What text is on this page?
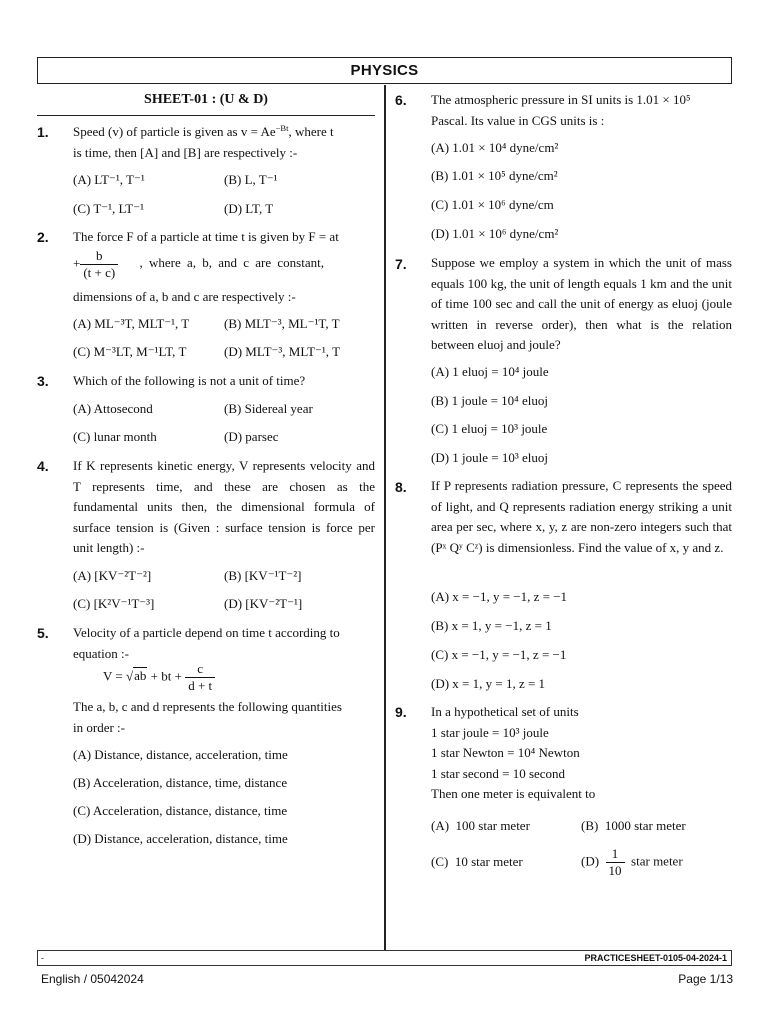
PHYSICS
SHEET-01 : (U & D)
1. Speed (v) of particle is given as $v = Ae^{-Bt}$, where t
is time, then [A] and [B] are respectively :-
(A) LT⁻¹, T⁻¹	(B) L, T⁻¹
(C) T⁻¹, LT⁻¹	(D) LT, T
2. The force F of a particle at time t is given by F = at
+ $\frac{b}{(t + c)}$ , where a, b, and c are constant,
dimensions of a, b and c are respectively :-
(A) ML⁻³T, MLT⁻¹, T	(B) MLT⁻³, ML⁻¹T, T
(C) M⁻³LT, M⁻¹LT, T	(D) MLT⁻³, MLT⁻¹, T
3. Which of the following is not a unit of time?
(A) Attosecond	(B) Sidereal year
(C) lunar month	(D) parsec
4. If K represents kinetic energy, V represents velocity and T represents time, and these are chosen as the fundamental units then, the dimensional formula of surface tension is (Given : surface tension is force per unit length) :-
(A) [KV⁻²T⁻²]	(B) [KV⁻¹T⁻²]
(C) [K²V⁻¹T⁻³]	(D) [KV⁻²T⁻¹]
5. Velocity of a particle depend on time t according to
equation :-
V = √ab + bt + $\frac{c}{d + t}$
The a, b, c and d represents the following quantities
in order :-
(A) Distance, distance, acceleration, time
(B) Acceleration, distance, time, distance
(C) Acceleration, distance, distance, time
(D) Distance, acceleration, distance, time
6. The atmospheric pressure in SI units is 1.01 × 10⁵
Pascal. Its value in CGS units is :
(A) 1.01 × 10⁴ dyne/cm²
(B) 1.01 × 10⁵ dyne/cm²
(C) 1.01 × 10⁶ dyne/cm
(D) 1.01 × 10⁶ dyne/cm²
7. Suppose we employ a system in which the unit of mass equals 100 kg, the unit of length equals 1 km and the unit of time 100 sec and call the unit of energy as eluoj (joule written in reverse order), then what is the relation between eluoj and joule?
(A) 1 eluoj = 10⁴ joule
(B) 1 joule = 10⁴ eluoj
(C) 1 eluoj = 10³ joule
(D) 1 joule = 10³ eluoj
8. If P represents radiation pressure, C represents the speed of light, and Q represents radiation energy striking a unit area per sec, where x, y, z are non-zero integers such that (Pˣ Qʸ Cᶻ) is dimensionless. Find the value of x, y and z.
(A) x = −1, y = −1, z = −1
(B) x = 1, y = −1, z = 1
(C) x = −1, y = −1, z = −1
(D) x = 1, y = 1, z = 1
9. In a hypothetical set of units
1 star joule = 10³ joule
1 star Newton = 10⁴ Newton
1 star second = 10 second
Then one meter is equivalent to
(A) 100 star meter	(B) 1000 star meter
(C) 10 star meter	$(D) \frac{1}{10}$ star meter
-	PRACTICESHEET-0105-04-2024-1
English / 05042024	Page 1/13
